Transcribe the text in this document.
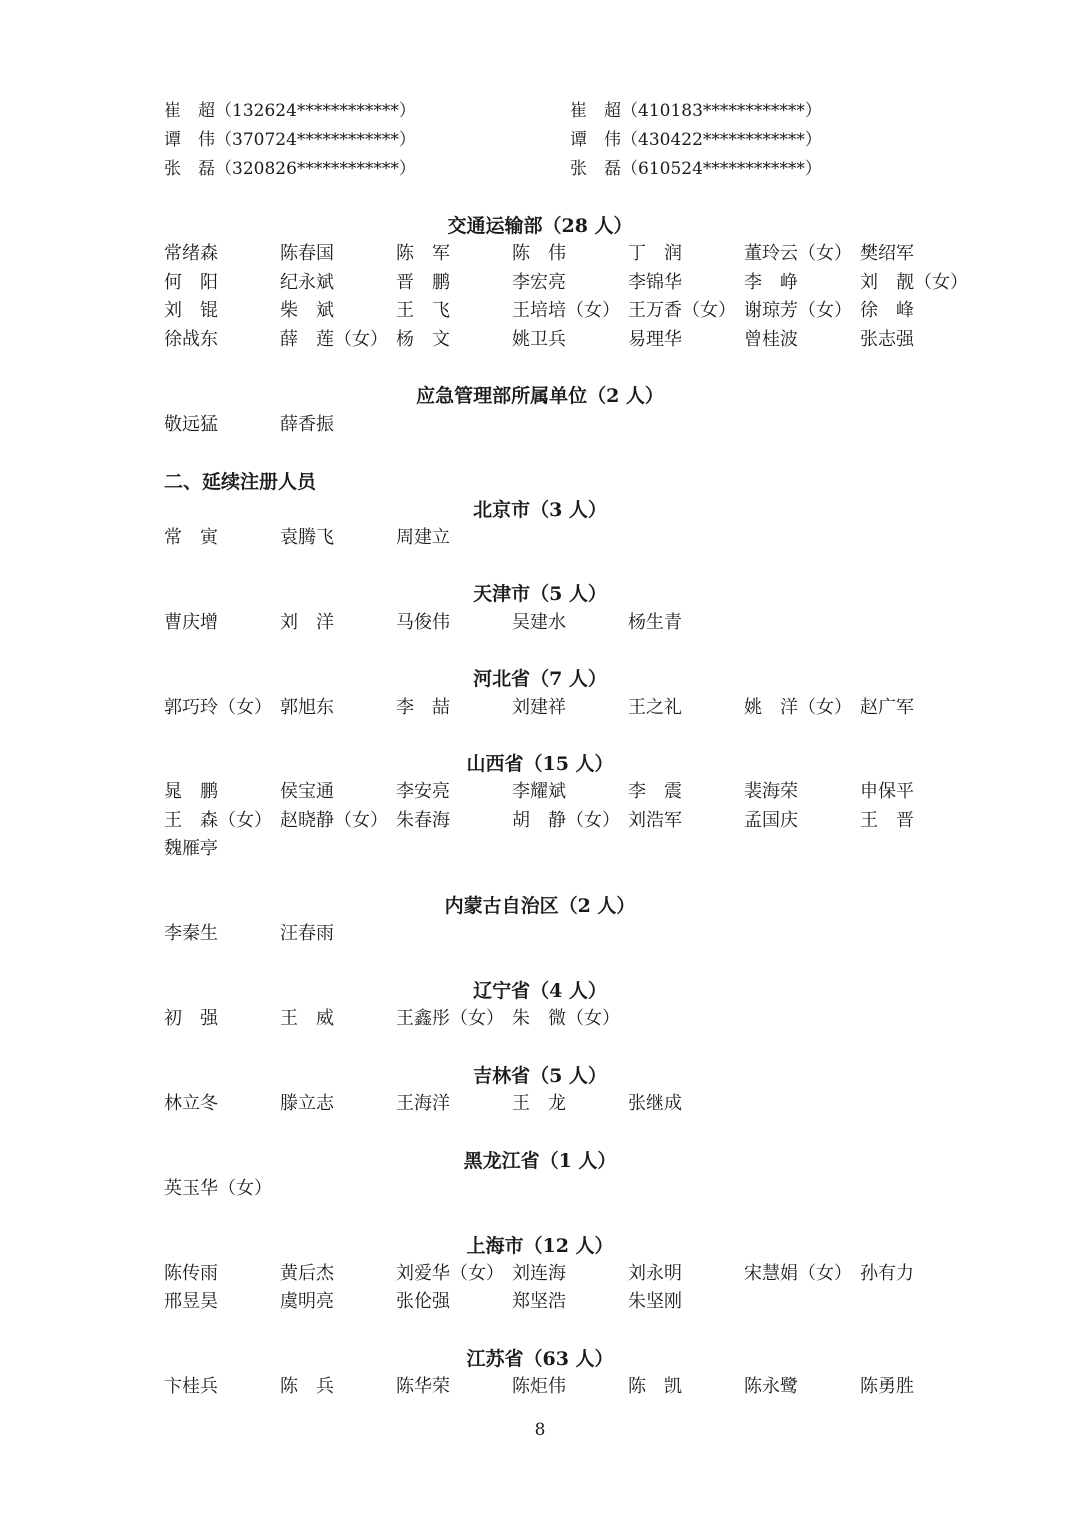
崔　超（132624************）	崔　超（410183************）
谭　伟（370724************）	谭　伟（430422************）
张　磊（320826************）	张　磊（610524************）
交通运输部（28 人）
常绪森	陈春国	陈　军	陈　伟	丁　润	董玲云（女） 樊绍军
何　阳	纪永斌	晋　鹏	李宏亮	李锦华	李　峥	刘　靓（女）
刘　锟	柴　斌	王　飞	王培培（女） 王万香（女） 谢琼芳（女） 徐　峰
徐战东	薛　莲（女） 杨　文	姚卫兵	易理华	曾桂波	张志强
应急管理部所属单位（2 人）
敬远猛	薛香振
二、延续注册人员
北京市（3 人）
常　寅	袁腾飞	周建立
天津市（5 人）
曹庆增	刘　洋	马俊伟	吴建水	杨生青
河北省（7 人）
郭巧玲（女） 郭旭东	李　喆	刘建祥	王之礼	姚　洋（女） 赵广军
山西省（15 人）
晁　鹏	侯宝通	李安亮	李耀斌	李　震	裴海荣	申保平
王　森（女） 赵晓静（女） 朱春海	胡　静（女） 刘浩军	孟国庆	王　晋
魏雁亭
内蒙古自治区（2 人）
李秦生	汪春雨
辽宁省（4 人）
初　强	王　威	王鑫彤（女） 朱　微（女）
吉林省（5 人）
林立冬	滕立志	王海洋	王　龙	张继成
黑龙江省（1 人）
英玉华（女）
上海市（12 人）
陈传雨	黄后杰	刘爱华（女） 刘连海	刘永明	宋慧娟（女） 孙有力
邢昱昊	虞明亮	张伦强	郑坚浩	朱坚刚
江苏省（63 人）
卞桂兵	陈　兵	陈华荣	陈炬伟	陈　凯	陈永鹭	陈勇胜
8
